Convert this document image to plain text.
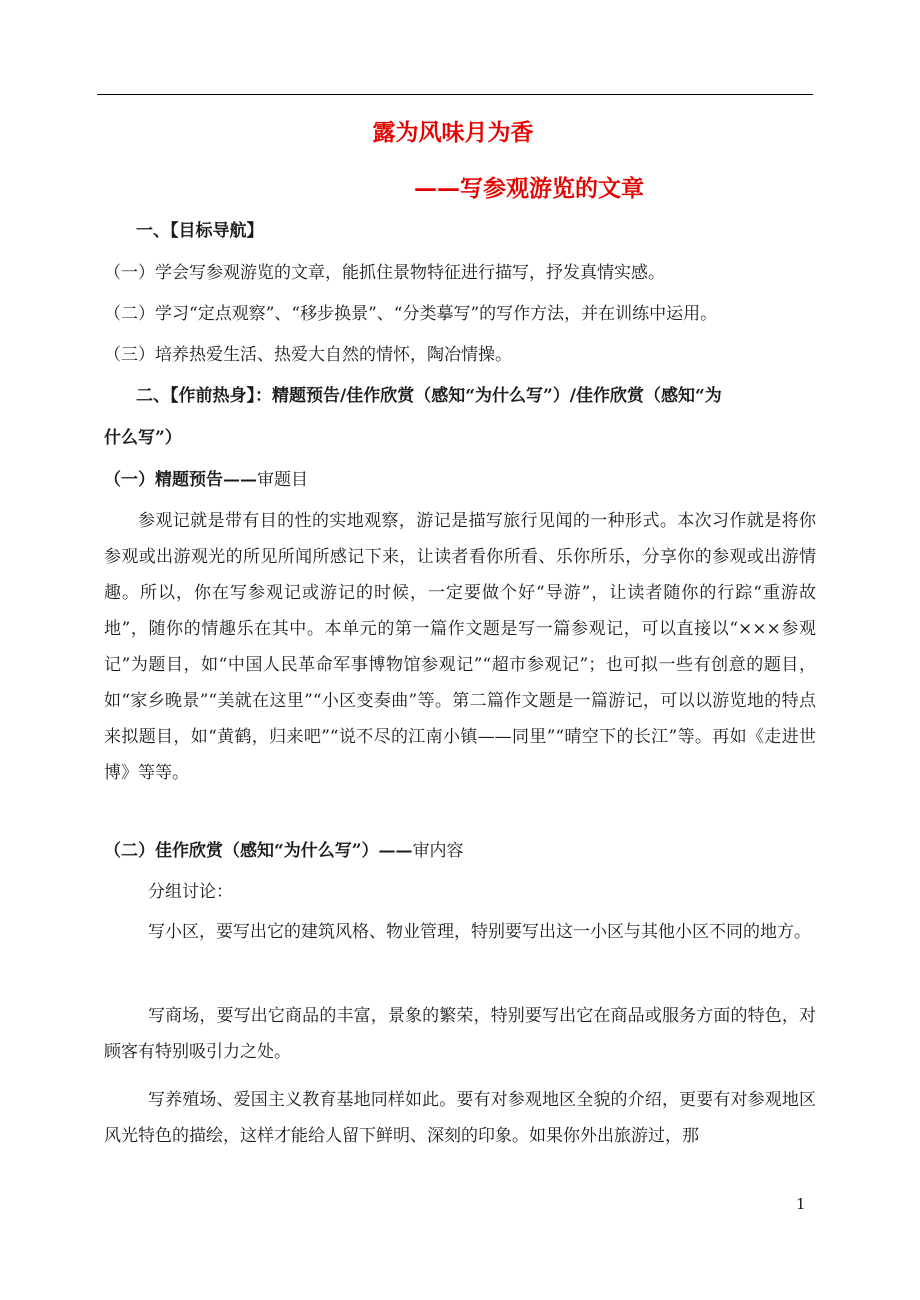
露为风味月为香
——写参观游览的文章
一、【目标导航】
（一）学会写参观游览的文章，能抓住景物特征进行描写，抒发真情实感。
（二）学习“定点观察”、“移步换景”、“分类摹写”的写作方法，并在训练中运用。
（三）培养热爱生活、热爱大自然的情怀，陶冶情操。
二、【作前热身】：精题预告/佳作欣赏（感知“为什么写”）/佳作欣赏（感知“为
什么写”）
（一）精题预告——审题目
参观记就是带有目的性的实地观察，游记是描写旅行见闻的一种形式。本次习作就是将你参观或出游观光的所见所闻所感记下来，让读者看你所看、乐你所乐，分享你的参观或出游情趣。所以，你在写参观记或游记的时候，一定要做个好“导游”，让读者随你的行踪“重游故地”，随你的情趣乐在其中。本单元的第一篇作文题是写一篇参观记，可以直接以“×××参观记”为题目，如“中国人民革命军事博物馆参观记”“超市参观记”；也可拟一些有创意的题目，如“家乡晚景”“美就在这里”“小区变奏曲”等。第二篇作文题是一篇游记，可以以游览地的特点来拟题目，如“黄鹤，归来吧”“说不尽的江南小镇——同里”“晴空下的长江”等。再如《走进世博》等等。
（二）佳作欣赏（感知“为什么写”）——审内容
分组讨论：
写小区，要写出它的建筑风格、物业管理，特别要写出这一小区与其他小区不同的地方。
写商场，要写出它商品的丰富，景象的繁荣，特别要写出它在商品或服务方面的特色，对顾客有特别吸引力之处。
写养殖场、爱国主义教育基地同样如此。要有对参观地区全貌的介绍，更要有对参观地区风光特色的描绘，这样才能给人留下鲜明、深刻的印象。如果你外出旅游过，那
1
